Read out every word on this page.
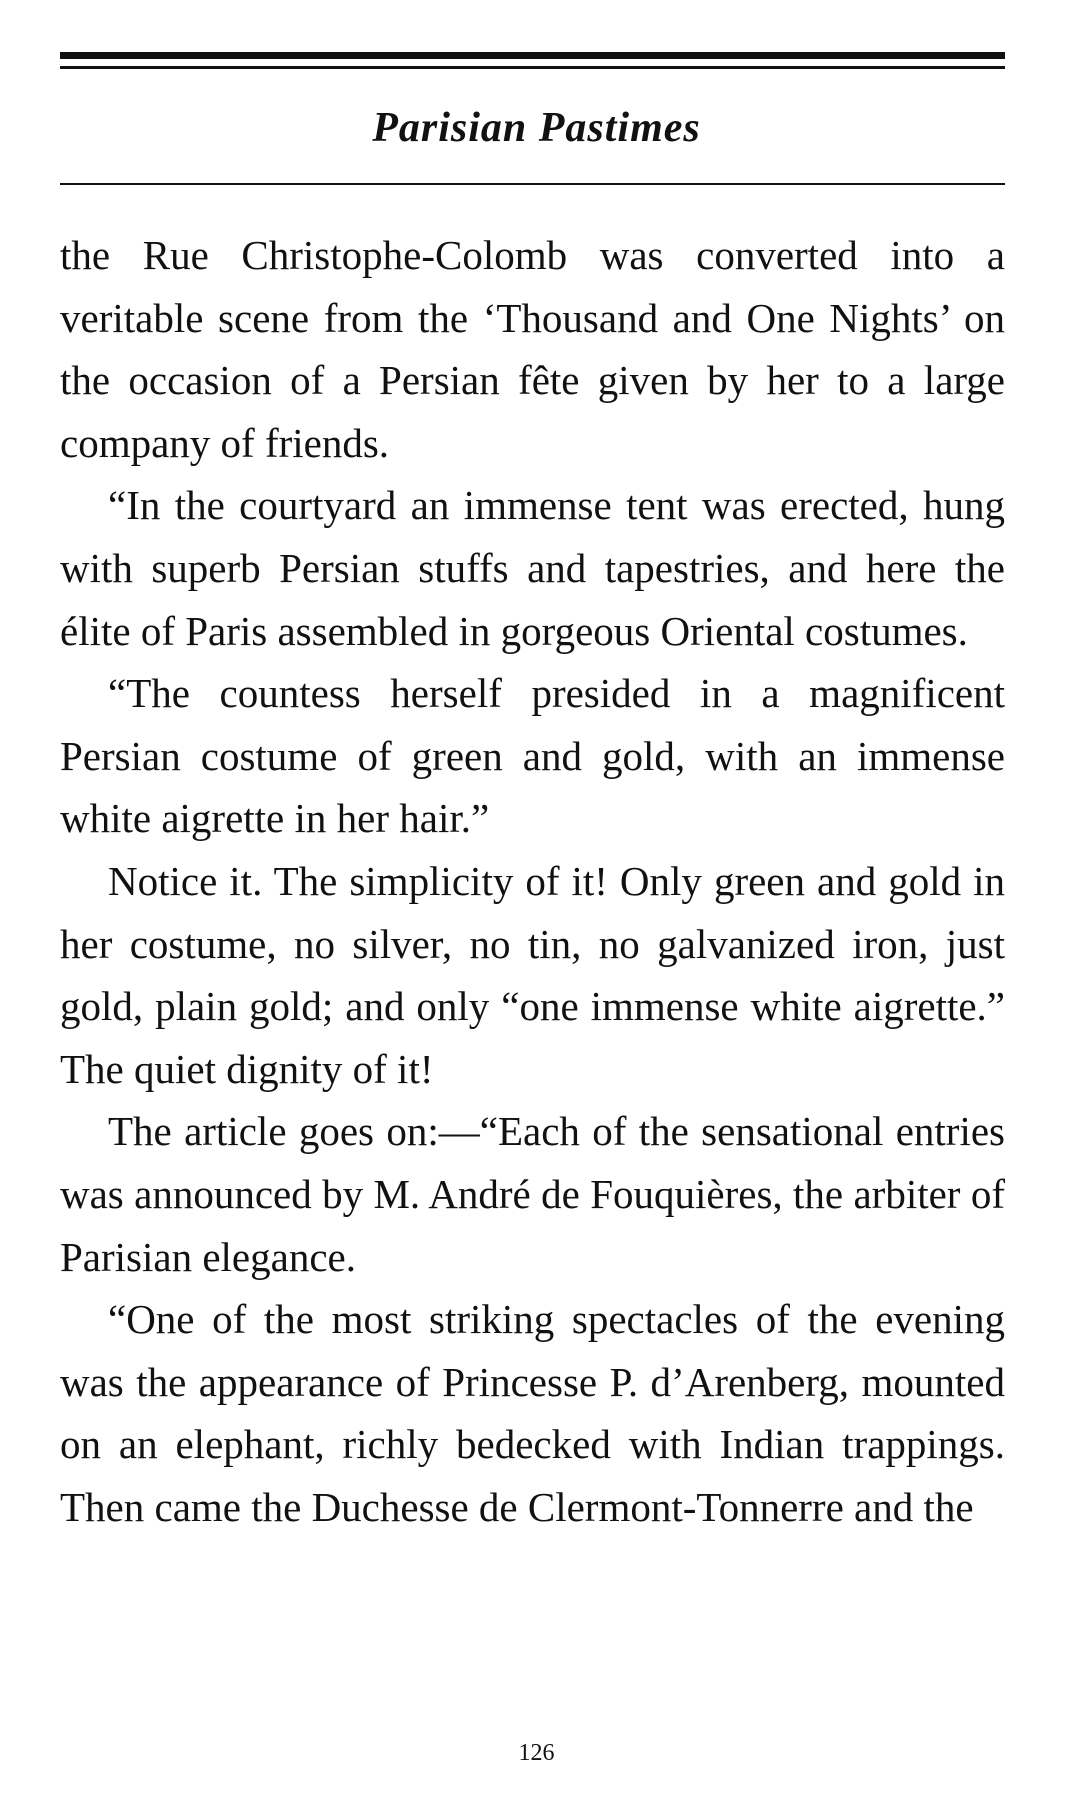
Parisian Pastimes

the Rue Christophe-Colomb was converted into a veritable scene from the ‘Thousand and One Nights’ on the occasion of a Persian fête given by her to a large company of friends.

“In the courtyard an immense tent was erected, hung with superb Persian stuffs and tapestries, and here the élite of Paris assembled in gorgeous Oriental costumes.

“The countess herself presided in a magnificent Persian costume of green and gold, with an immense white aigrette in her hair.”

Notice it. The simplicity of it! Only green and gold in her costume, no silver, no tin, no galvanized iron, just gold, plain gold; and only “one immense white aigrette.” The quiet dignity of it!

The article goes on:—“Each of the sensational entries was announced by M. André de Fouquières, the arbiter of Parisian elegance.

“One of the most striking spectacles of the evening was the appearance of Princesse P. d’Arenberg, mounted on an elephant, richly bedecked with Indian trappings. Then came the Duchesse de Clermont-Tonnerre and the

126
